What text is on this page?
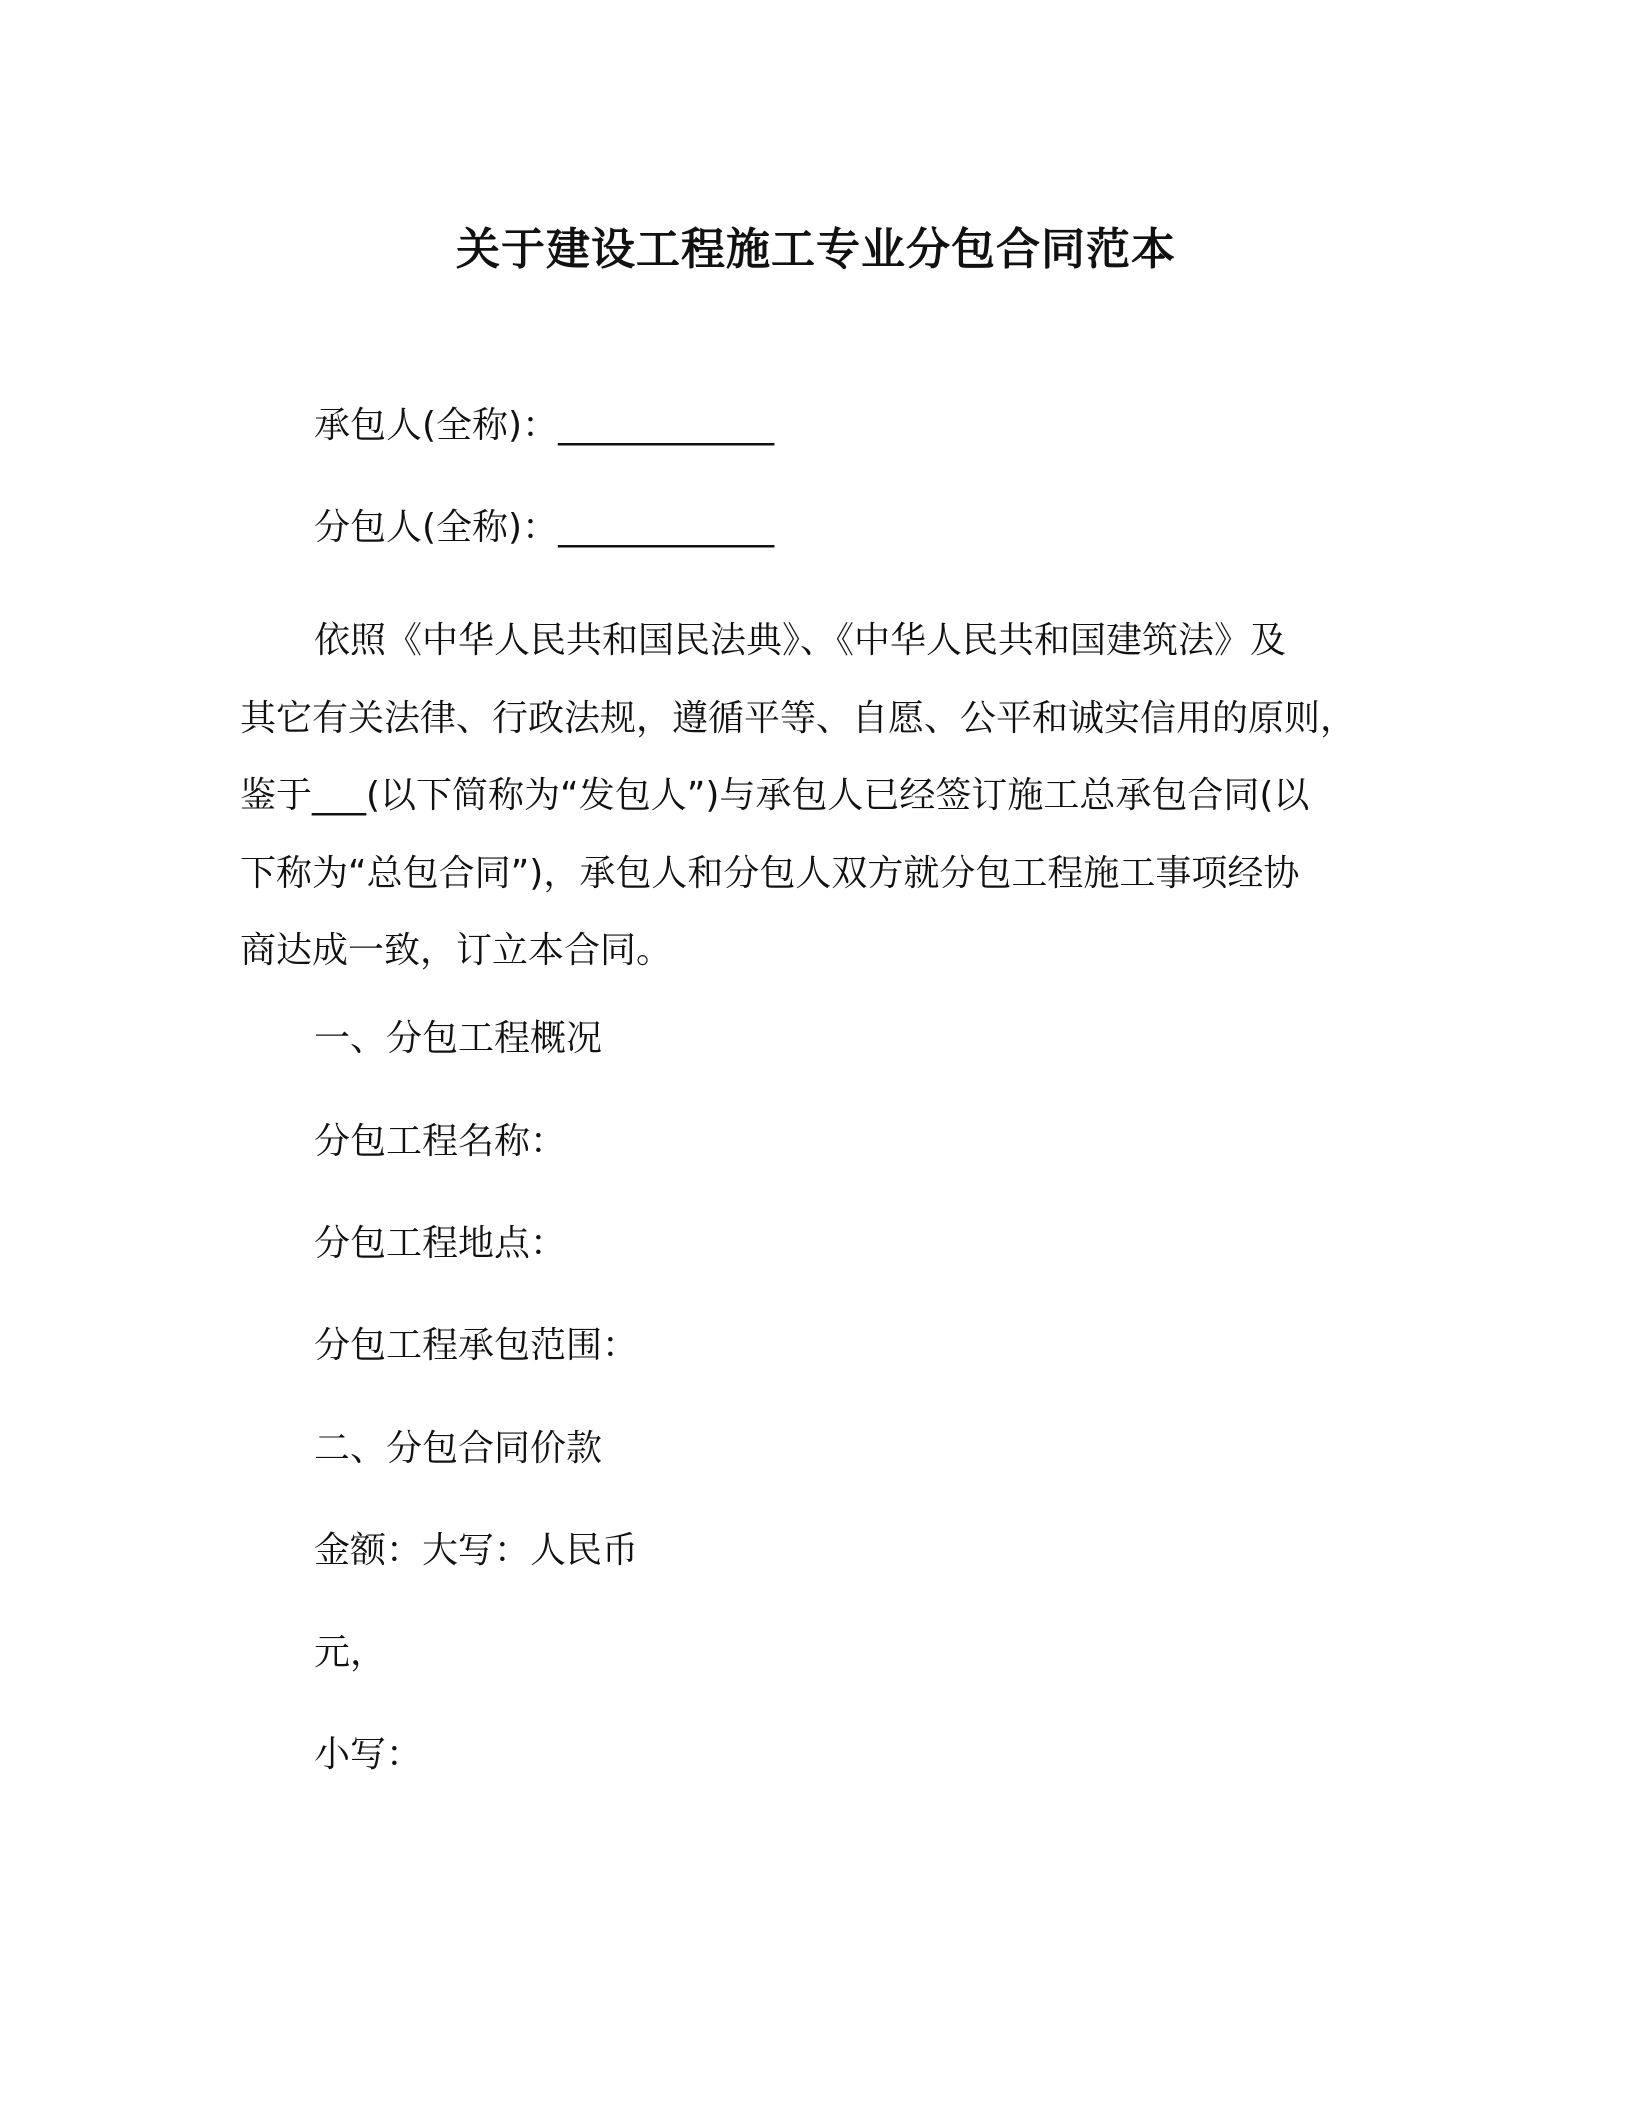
关于建设工程施工专业分包合同范本

承包人(全称)：____________

分包人(全称)：____________

依照《中华人民共和国民法典》、《中华人民共和国建筑法》及
其它有关法律、行政法规，遵循平等、自愿、公平和诚实信用的原则，
鉴于___(以下简称为“发包人”)与承包人已经签订施工总承包合同(以
下称为“总包合同”)，承包人和分包人双方就分包工程施工事项经协
商达成一致，订立本合同。

一、分包工程概况

分包工程名称：

分包工程地点：

分包工程承包范围：

二、分包合同价款

金额：大写：人民币

元，

小写：
